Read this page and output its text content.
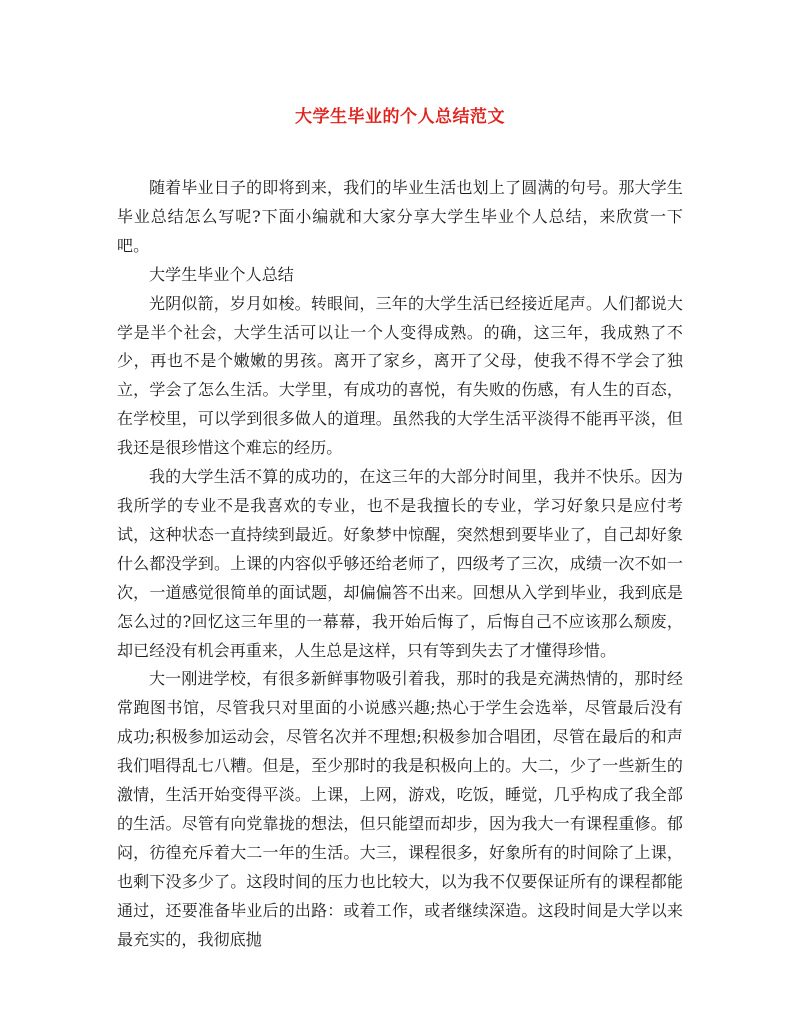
大学生毕业的个人总结范文

随着毕业日子的即将到来，我们的毕业生活也划上了圆满的句号。那大学生毕业总结怎么写呢?下面小编就和大家分享大学生毕业个人总结，来欣赏一下吧。

大学生毕业个人总结

光阴似箭，岁月如梭。转眼间，三年的大学生活已经接近尾声。人们都说大学是半个社会，大学生活可以让一个人变得成熟。的确，这三年，我成熟了不少，再也不是个嫩嫩的男孩。离开了家乡，离开了父母，使我不得不学会了独立，学会了怎么生活。大学里，有成功的喜悦，有失败的伤感，有人生的百态，在学校里，可以学到很多做人的道理。虽然我的大学生活平淡得不能再平淡，但我还是很珍惜这个难忘的经历。

我的大学生活不算的成功的，在这三年的大部分时间里，我并不快乐。因为我所学的专业不是我喜欢的专业，也不是我擅长的专业，学习好象只是应付考试，这种状态一直持续到最近。好象梦中惊醒，突然想到要毕业了，自己却好象什么都没学到。上课的内容似乎够还给老师了，四级考了三次，成绩一次不如一次，一道感觉很简单的面试题，却偏偏答不出来。回想从入学到毕业，我到底是怎么过的?回忆这三年里的一幕幕，我开始后悔了，后悔自己不应该那么颓废，却已经没有机会再重来，人生总是这样，只有等到失去了才懂得珍惜。

大一刚进学校，有很多新鲜事物吸引着我，那时的我是充满热情的，那时经常跑图书馆，尽管我只对里面的小说感兴趣;热心于学生会选举，尽管最后没有成功;积极参加运动会，尽管名次并不理想;积极参加合唱团，尽管在最后的和声我们唱得乱七八糟。但是，至少那时的我是积极向上的。大二，少了一些新生的激情，生活开始变得平淡。上课，上网，游戏，吃饭，睡觉，几乎构成了我全部的生活。尽管有向党靠拢的想法，但只能望而却步，因为我大一有课程重修。郁闷，彷徨充斥着大二一年的生活。大三，课程很多，好象所有的时间除了上课，也剩下没多少了。这段时间的压力也比较大，以为我不仅要保证所有的课程都能通过，还要准备毕业后的出路：或着工作，或者继续深造。这段时间是大学以来最充实的，我彻底抛
